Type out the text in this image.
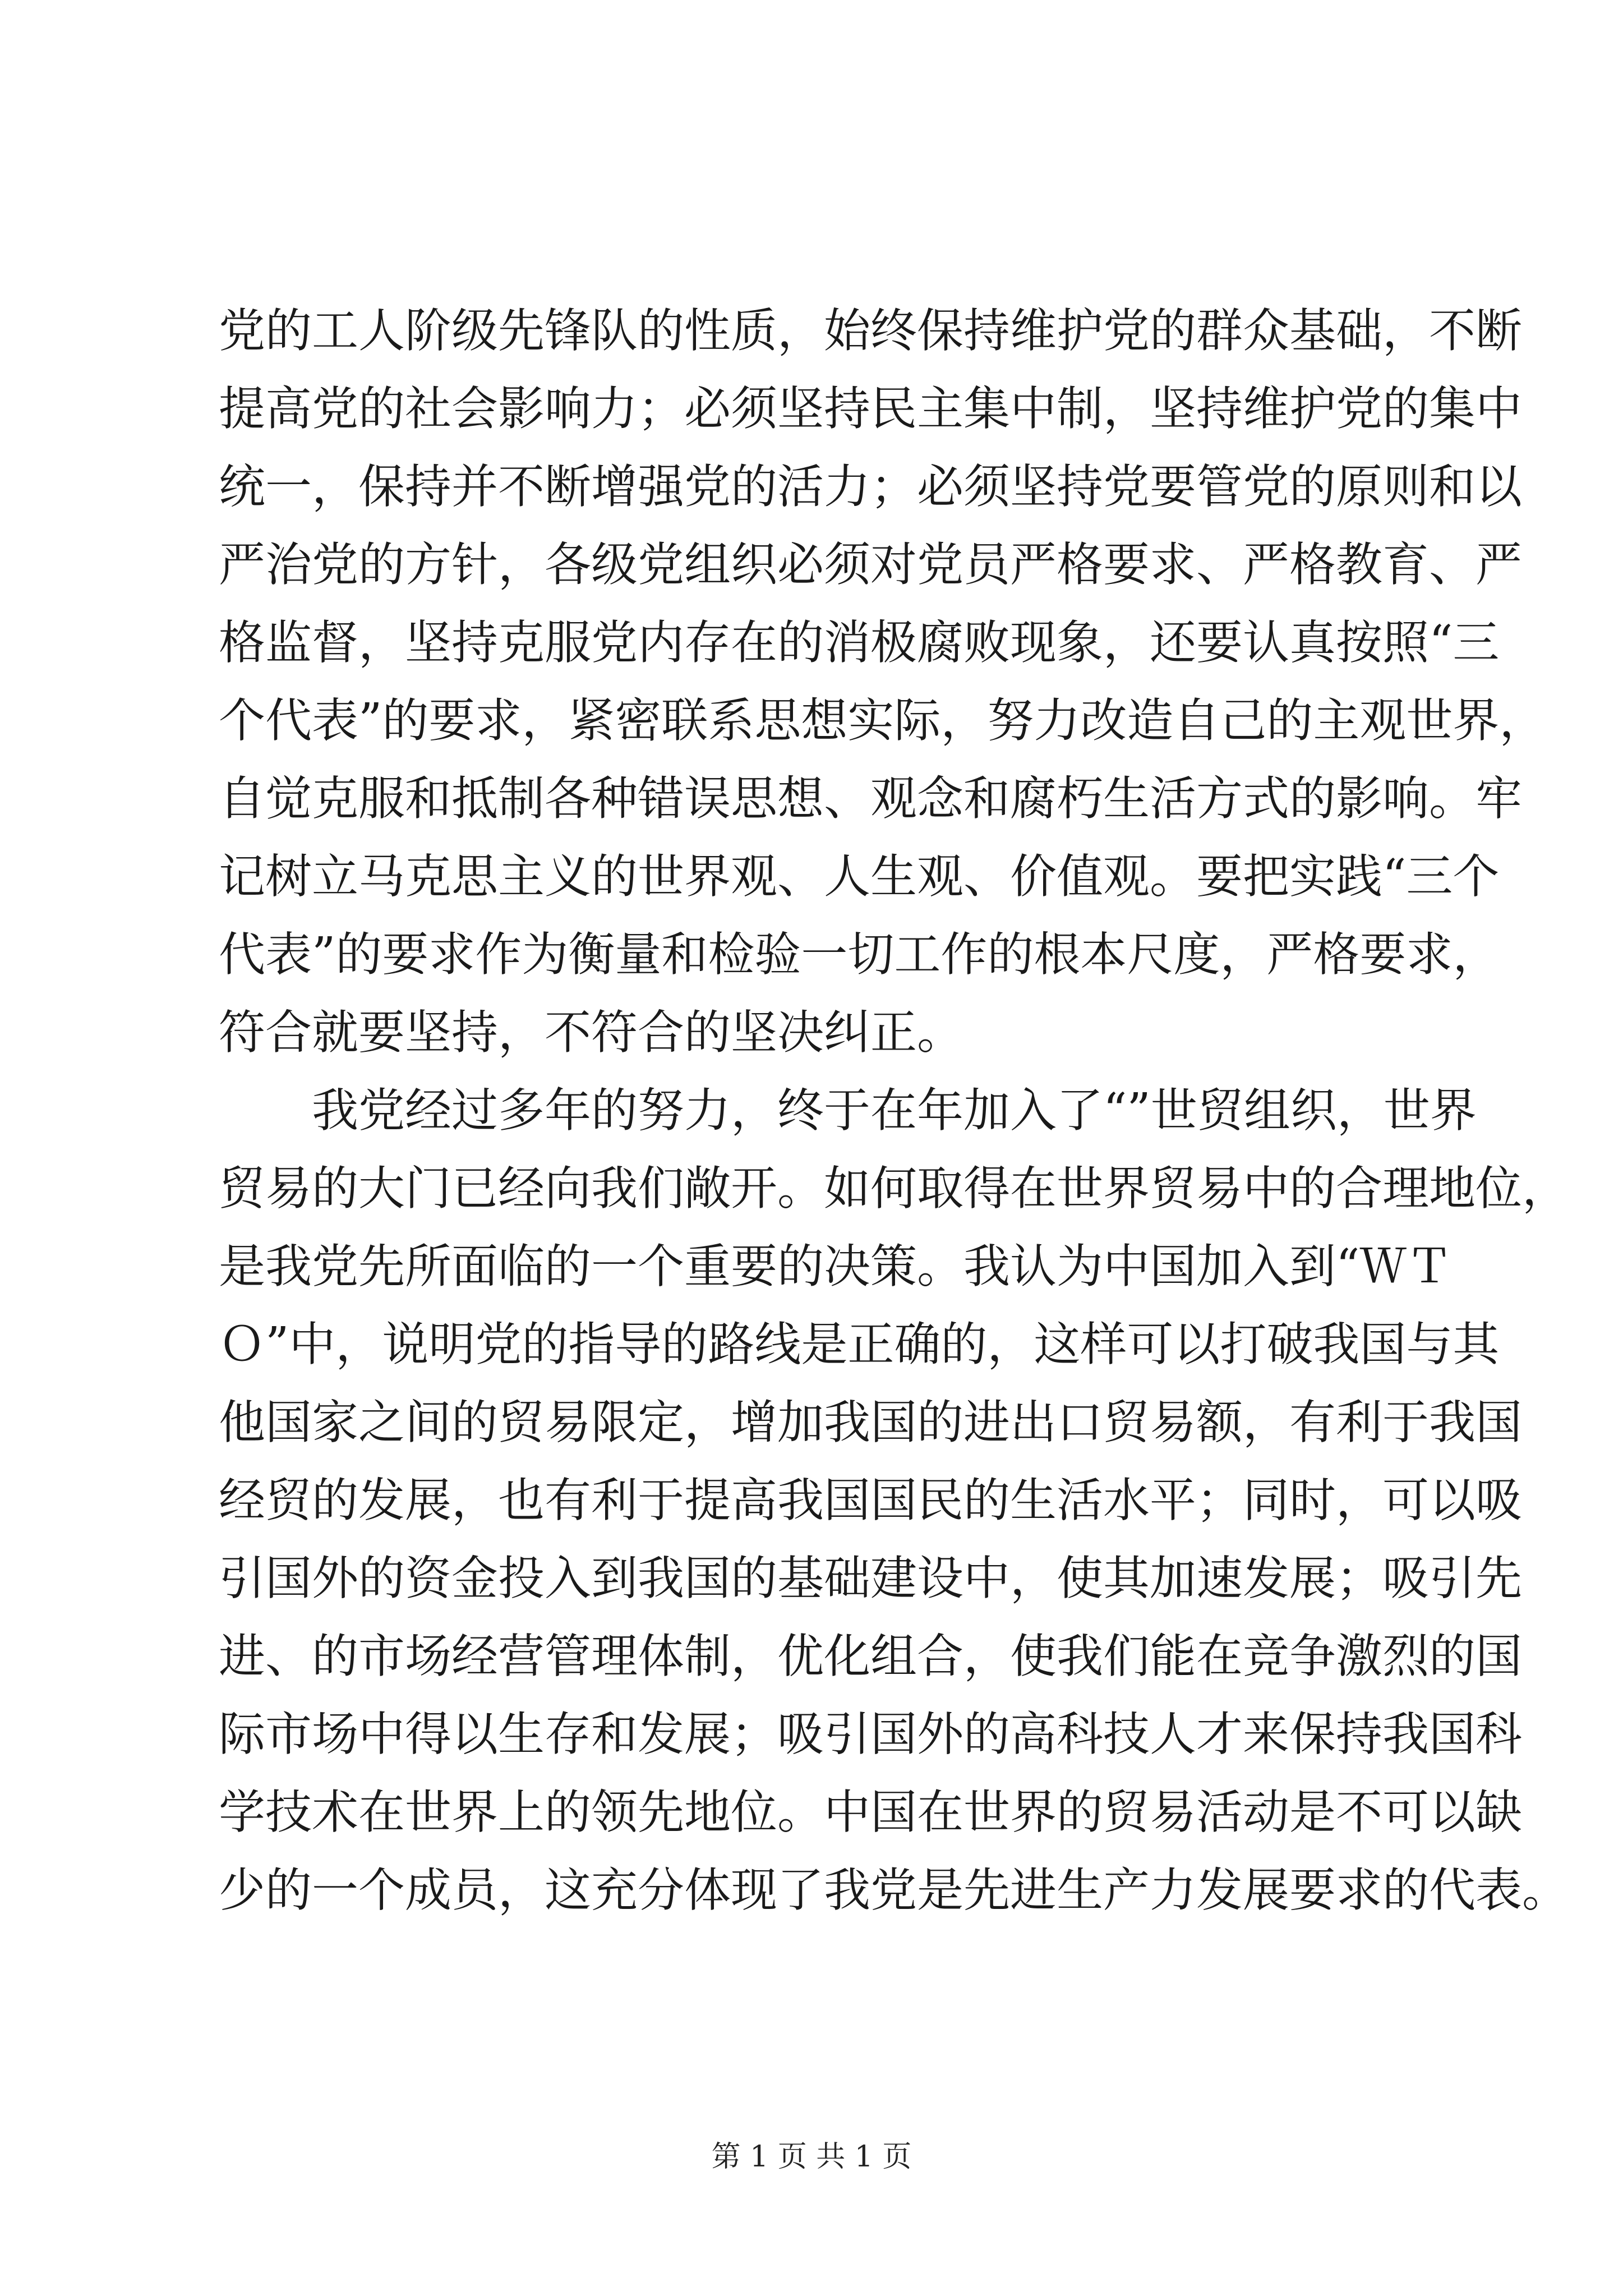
党的工人阶级先锋队的性质，始终保持维护党的群众基础，不断
提高党的社会影响力；必须坚持民主集中制，坚持维护党的集中
统一，保持并不断增强党的活力；必须坚持党要管党的原则和以
严治党的方针，各级党组织必须对党员严格要求、严格教育、严
格监督，坚持克服党内存在的消极腐败现象，还要认真按照“三
个代表”的要求，紧密联系思想实际，努力改造自己的主观世界，
自觉克服和抵制各种错误思想、观念和腐朽生活方式的影响。牢
记树立马克思主义的世界观、人生观、价值观。要把实践“三个
代表”的要求作为衡量和检验一切工作的根本尺度，严格要求，
符合就要坚持，不符合的坚决纠正。
我党经过多年的努力，终于在年加入了“”世贸组织，世界
贸易的大门已经向我们敞开。如何取得在世界贸易中的合理地位，
是我党先所面临的一个重要的决策。我认为中国加入到“ＷＴ
Ｏ”中，说明党的指导的路线是正确的，这样可以打破我国与其
他国家之间的贸易限定，增加我国的进出口贸易额，有利于我国
经贸的发展，也有利于提高我国国民的生活水平；同时，可以吸
引国外的资金投入到我国的基础建设中，使其加速发展；吸引先
进、的市场经营管理体制，优化组合，使我们能在竞争激烈的国
际市场中得以生存和发展；吸引国外的高科技人才来保持我国科
学技术在世界上的领先地位。中国在世界的贸易活动是不可以缺
少的一个成员，这充分体现了我党是先进生产力发展要求的代表。
第 1 页 共 1 页
